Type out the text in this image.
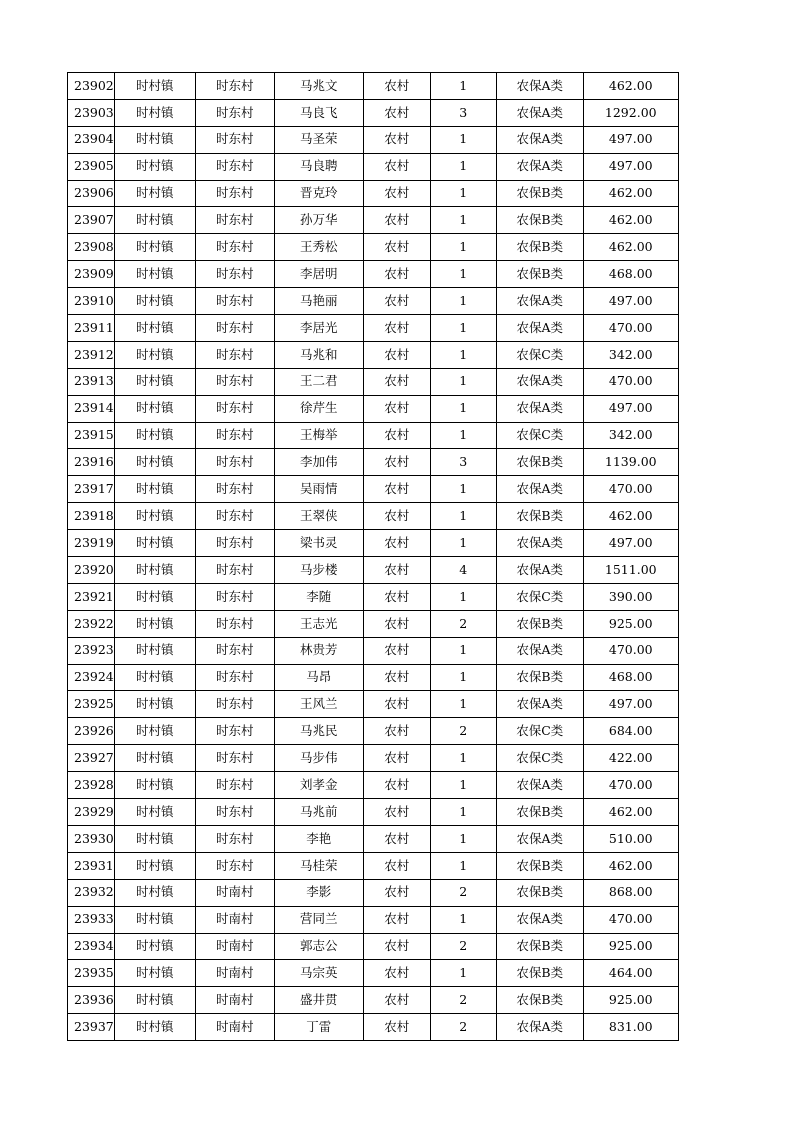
23902	时村镇	时东村	马兆文	农村	1	农保A类	462.00
23903	时村镇	时东村	马良飞	农村	3	农保A类	1292.00
23904	时村镇	时东村	马圣荣	农村	1	农保A类	497.00
23905	时村镇	时东村	马良聘	农村	1	农保A类	497.00
23906	时村镇	时东村	晋克玲	农村	1	农保B类	462.00
23907	时村镇	时东村	孙万华	农村	1	农保B类	462.00
23908	时村镇	时东村	王秀松	农村	1	农保B类	462.00
23909	时村镇	时东村	李居明	农村	1	农保B类	468.00
23910	时村镇	时东村	马艳丽	农村	1	农保A类	497.00
23911	时村镇	时东村	李居光	农村	1	农保A类	470.00
23912	时村镇	时东村	马兆和	农村	1	农保C类	342.00
23913	时村镇	时东村	王二君	农村	1	农保A类	470.00
23914	时村镇	时东村	徐芹生	农村	1	农保A类	497.00
23915	时村镇	时东村	王梅举	农村	1	农保C类	342.00
23916	时村镇	时东村	李加伟	农村	3	农保B类	1139.00
23917	时村镇	时东村	吴雨情	农村	1	农保A类	470.00
23918	时村镇	时东村	王翠侠	农村	1	农保B类	462.00
23919	时村镇	时东村	梁书灵	农村	1	农保A类	497.00
23920	时村镇	时东村	马步楼	农村	4	农保A类	1511.00
23921	时村镇	时东村	李随	农村	1	农保C类	390.00
23922	时村镇	时东村	王志光	农村	2	农保B类	925.00
23923	时村镇	时东村	林贵芳	农村	1	农保A类	470.00
23924	时村镇	时东村	马昂	农村	1	农保B类	468.00
23925	时村镇	时东村	王风兰	农村	1	农保A类	497.00
23926	时村镇	时东村	马兆民	农村	2	农保C类	684.00
23927	时村镇	时东村	马步伟	农村	1	农保C类	422.00
23928	时村镇	时东村	刘孝金	农村	1	农保A类	470.00
23929	时村镇	时东村	马兆前	农村	1	农保B类	462.00
23930	时村镇	时东村	李艳	农村	1	农保A类	510.00
23931	时村镇	时东村	马桂荣	农村	1	农保B类	462.00
23932	时村镇	时南村	李影	农村	2	农保B类	868.00
23933	时村镇	时南村	营同兰	农村	1	农保A类	470.00
23934	时村镇	时南村	郭志公	农村	2	农保B类	925.00
23935	时村镇	时南村	马宗英	农村	1	农保B类	464.00
23936	时村镇	时南村	盛井贯	农村	2	农保B类	925.00
23937	时村镇	时南村	丁雷	农村	2	农保A类	831.00
